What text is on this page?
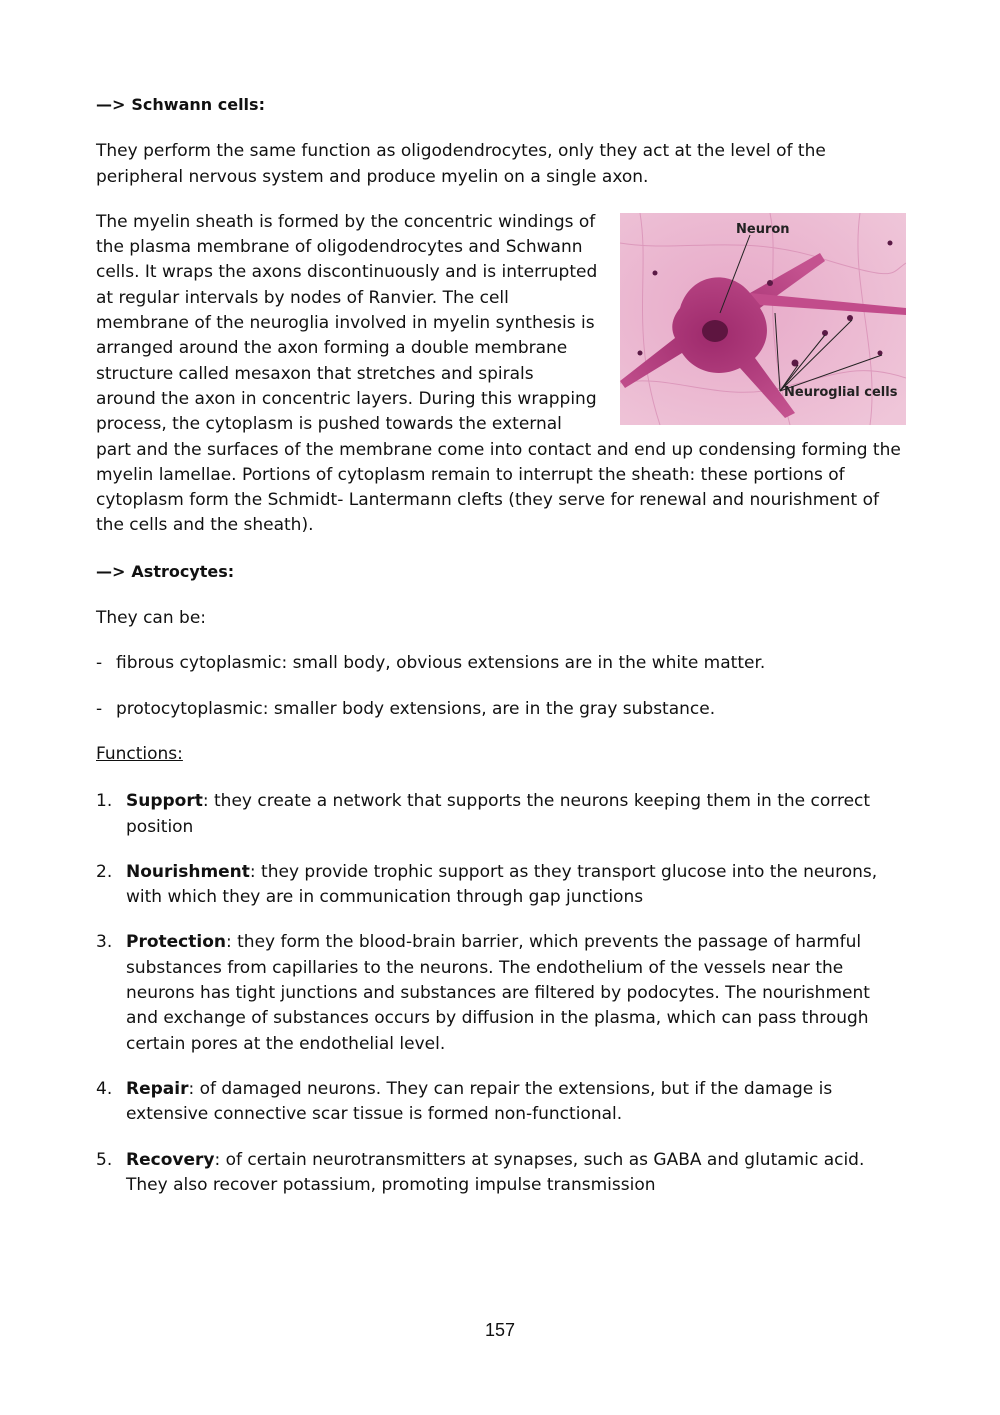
—> Schwann cells:

They perform the same function as oligodendrocytes, only they act at the level of the peripheral nervous system and produce myelin on a single axon.

Neuron
Neuroglial cells

The myelin sheath is formed by the concentric windings of the plasma membrane of oligodendrocytes and Schwann cells. It wraps the axons discontinuously and is interrupted at regular intervals by nodes of Ranvier. The cell membrane of the neuroglia involved in myelin synthesis is arranged around the axon forming a double membrane structure called mesaxon that stretches and spirals around the axon in concentric layers. During this wrapping process, the cytoplasm is pushed towards the external part and the surfaces of the membrane come into contact and end up condensing forming the myelin lamellae. Portions of cytoplasm remain to interrupt the sheath: these portions of cytoplasm form the Schmidt- Lantermann clefts (they serve for renewal and nourishment of the cells and the sheath).

—> Astrocytes:

They can be:

- fibrous cytoplasmic: small body, obvious extensions are in the white matter.
- protocytoplasmic: smaller body extensions, are in the gray substance.
Functions:
1. Support: they create a network that supports the neurons keeping them in the correct position
2. Nourishment: they provide trophic support as they transport glucose into the neurons, with which they are in communication through gap junctions
3. Protection: they form the blood-brain barrier, which prevents the passage of harmful substances from capillaries to the neurons. The endothelium of the vessels near the neurons has tight junctions and substances are filtered by podocytes. The nourishment and exchange of substances occurs by diffusion in the plasma, which can pass through certain pores at the endothelial level.
4. Repair: of damaged neurons. They can repair the extensions, but if the damage is extensive connective scar tissue is formed non-functional.
5. Recovery: of certain neurotransmitters at synapses, such as GABA and glutamic acid. They also recover potassium, promoting impulse transmission
157
